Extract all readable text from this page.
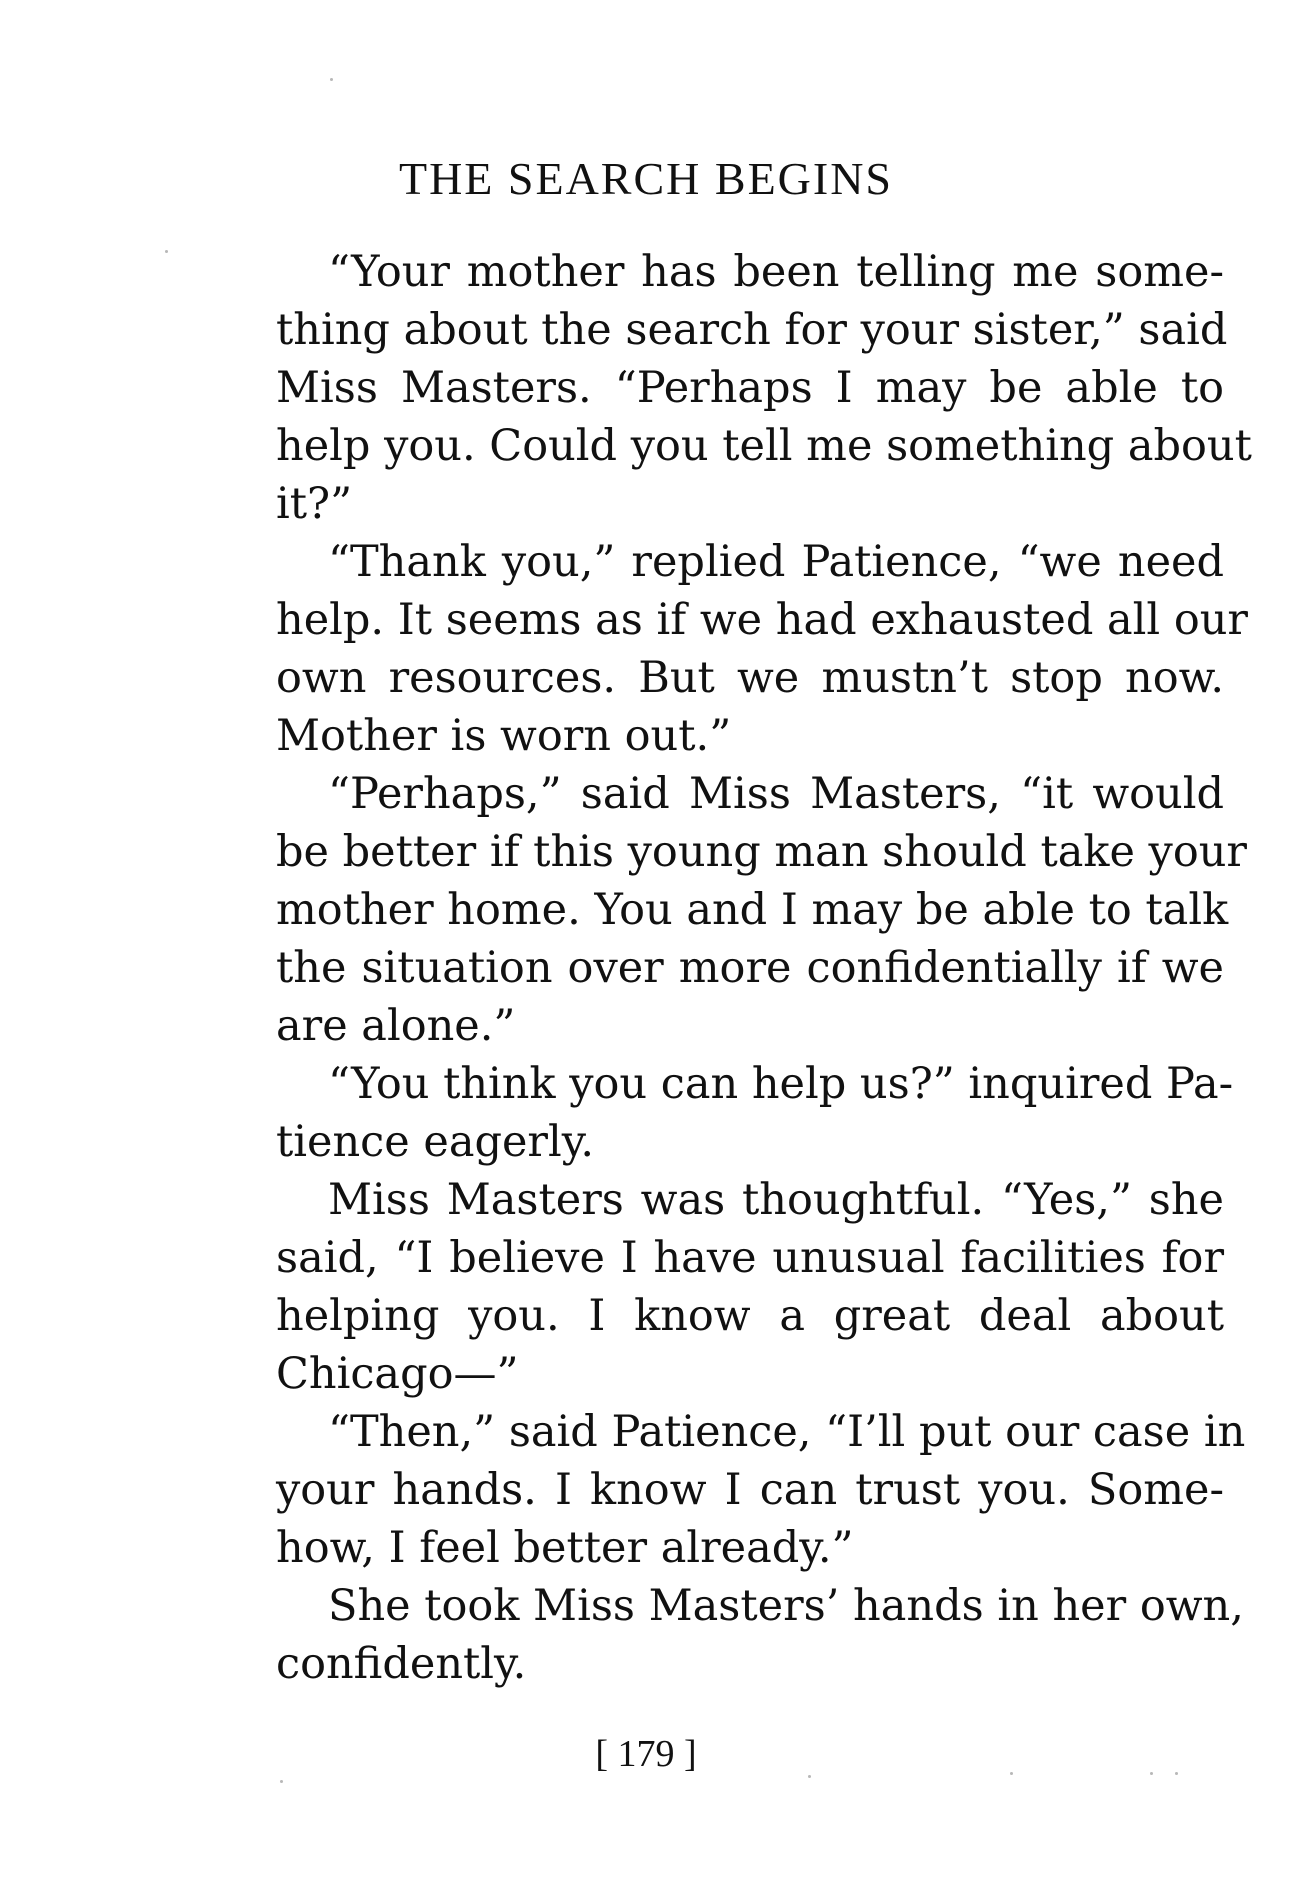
THE SEARCH BEGINS
“Your mother has been telling me some-
thing about the search for your sister,” said
Miss Masters. “Perhaps I may be able to
help you. Could you tell me something about
it?”
“Thank you,” replied Patience, “we need
help. It seems as if we had exhausted all our
own resources. But we mustn’t stop now.
Mother is worn out.”
“Perhaps,” said Miss Masters, “it would
be better if this young man should take your
mother home. You and I may be able to talk
the situation over more confidentially if we
are alone.”
“You think you can help us?” inquired Pa-
tience eagerly.
Miss Masters was thoughtful. “Yes,” she
said, “I believe I have unusual facilities for
helping you. I know a great deal about
Chicago—”
“Then,” said Patience, “I’ll put our case in
your hands. I know I can trust you. Some-
how, I feel better already.”
She took Miss Masters’ hands in her own,
confidently.
[ 179 ]
